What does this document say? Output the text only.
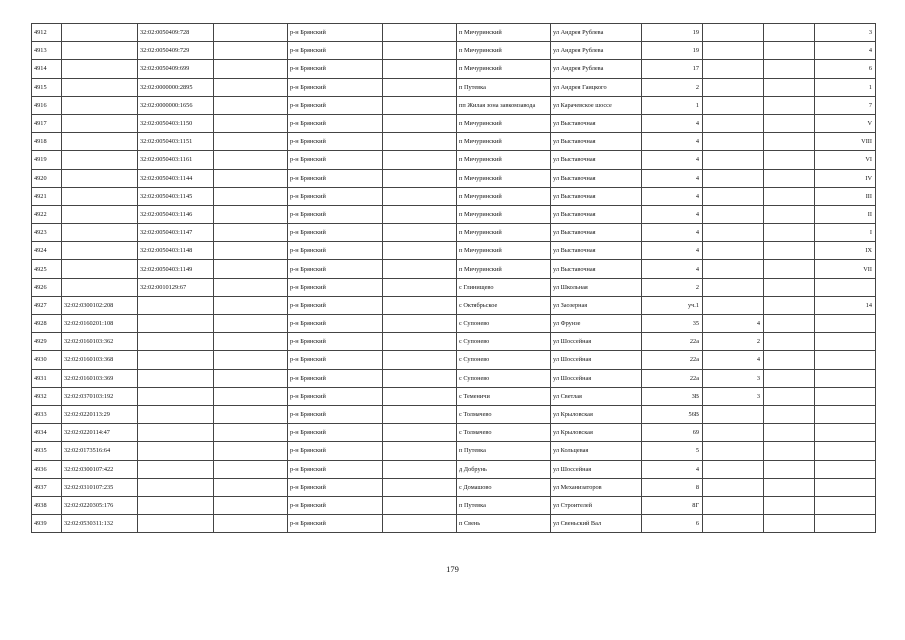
4912		32:02:0050409:728		р-н Брянский		п Мичуринский	ул Андрея Рублева	19			3
4913		32:02:0050409:729		р-н Брянский		п Мичуринский	ул Андрея Рублева	19			4
4914		32:02:0050409:699		р-н Брянский		п Мичуринский	ул Андрея Рублева	17			6
4915		32:02:0000000:2895		р-н Брянский		п Путевка	ул Андрея Гаицкого	2			1
4916		32:02:0000000:1656		р-н Брянский		пп Жилая зона завкомзавода	ул Карачевское шоссе	1			7
4917		32:02:0050403:1150		р-н Брянский		п Мичуринский	ул Выставочная	4			V
4918		32:02:0050403:1151		р-н Брянский		п Мичуринский	ул Выставочная	4			VIII
4919		32:02:0050403:1161		р-н Брянский		п Мичуринский	ул Выставочная	4			VI
4920		32:02:0050403:1144		р-н Брянский		п Мичуринский	ул Выставочная	4			IV
4921		32:02:0050403:1145		р-н Брянский		п Мичуринский	ул Выставочная	4			III
4922		32:02:0050403:1146		р-н Брянский		п Мичуринский	ул Выставочная	4			II
4923		32:02:0050403:1147		р-н Брянский		п Мичуринский	ул Выставочная	4			I
4924		32:02:0050403:1148		р-н Брянский		п Мичуринский	ул Выставочная	4			IX
4925		32:02:0050403:1149		р-н Брянский		п Мичуринский	ул Выставочная	4			VII
4926		32:02:0010129:67		р-н Брянский		с Глинищево	ул Школьная	2			
4927	32:02:0300102:208			р-н Брянский		с Октябрьское	ул Заозерная	уч.1			14
4928	32:02:0160201:108			р-н Брянский		с Супонево	ул Фрунзе	35	4		
4929	32:02:0160103:362			р-н Брянский		с Супонево	ул Шоссейная	22а	2		
4930	32:02:0160103:368			р-н Брянский		с Супонево	ул Шоссейная	22а	4		
4931	32:02:0160103:369			р-н Брянский		с Супонево	ул Шоссейная	22а	3		
4932	32:02:0370103:192			р-н Брянский		с Теменичи	ул Светлая	3В	3		
4933	32:02:0220113:29			р-н Брянский		с Толмачево	ул Крыловская	56В			
4934	32:02:0220114:47			р-н Брянский		с Толмачево	ул Крыловская	69			
4935	32:02:0173516:64			р-н Брянский		п Путевка	ул Кольцевая	5			
4936	32:02:0300107:422			р-н Брянский		д Добрунь	ул Шоссейная	4			
4937	32:02:0310107:235			р-н Брянский		с Домашово	ул Механизаторов	8			
4938	32:02:0220305:176			р-н Брянский		п Путевка	ул Строителей	8Г			
4939	32:02:0530311:132			р-н Брянский		п Свень	ул Свеньский Вал	6			
179
